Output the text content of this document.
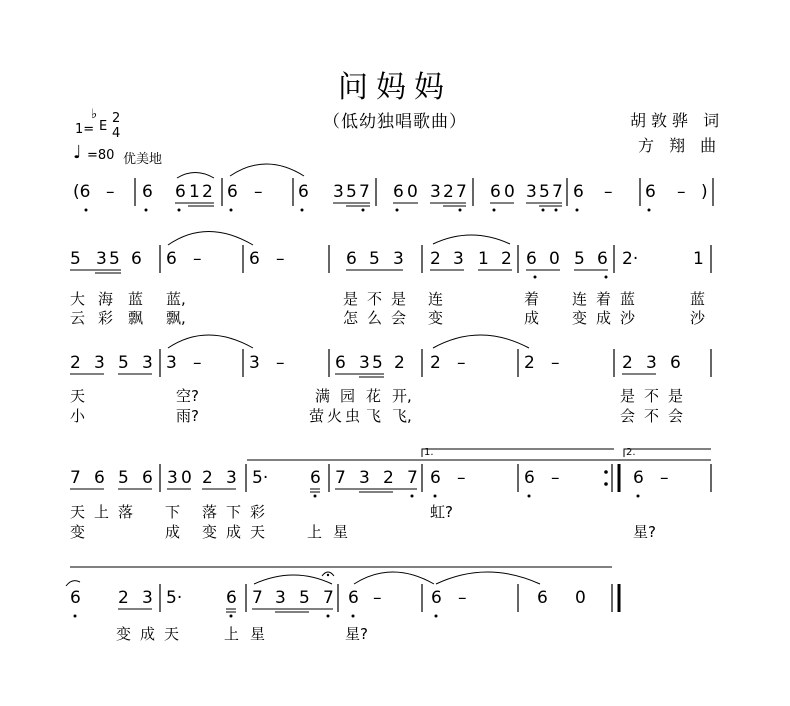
问妈妈
（低幼独唱歌曲）	胡敦骅 词
方 翔 曲
1=
♭
E
2
4
♩ =80 优美地
1.	2.
(6 – 6 6 1 2 6 – 6 3 5 7 6 0 3 2 7 6 0 3 5 7 6 – 6 – )
5 3 5 6 6 –	6 –	6 5 3 2 3 1 2 6 0 5 6 2·	1
大 海 蓝 蓝,	是 不 是 连	着 连 着 蓝	蓝
云 彩 飘 飘,	怎 么 会 变	成 变 成 沙	沙
2 3 5 3 3 –	3 –	6 3 5 2 2 –	2 –	2 3 6
天	空?	满 园 花 开,	是 不 是
小	雨?	萤 火 虫 飞 飞,	会 不 会
7 6 5 6 3 0 2 3 5· 6 7 3 2 7 6 –	6 –	6 –
天 上 落 下 落 下 彩	虹?
变	成 变 成 天	上 星	星?
6 2 3 5·	6 7 3 5 7 6 –	6 –	6 0
变 成 天	上 星	星?
